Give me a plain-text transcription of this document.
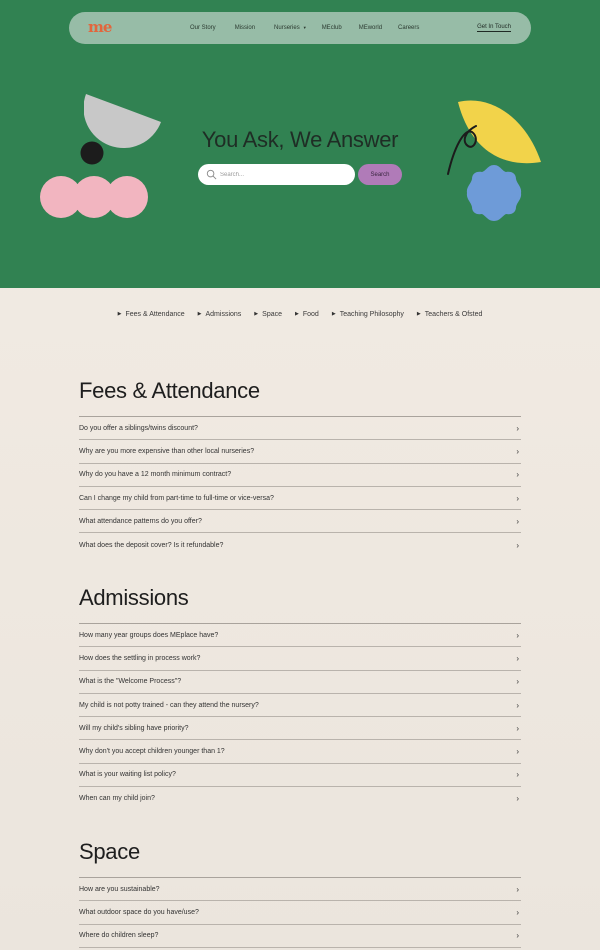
me	Our Story	Mission	Nurseries ▼	MEclub	MEworld	Careers	Get In Touch
You Ask, We Answer
Search...
Search
▶ Fees & Attendance	▶ Admissions	▶ Space	▶ Food	▶ Teaching Philosophy	▶ Teachers & Ofsted
Fees & Attendance
Do you offer a siblings/twins discount?	›
Why are you more expensive than other local nurseries?	›
Why do you have a 12 month minimum contract?	›
Can I change my child from part-time to full-time or vice-versa?	›
What attendance patterns do you offer?	›
What does the deposit cover? Is it refundable?	›
Admissions
How many year groups does MEplace have?	›
How does the settling in process work?	›
What is the "Welcome Process"?	›
My child is not potty trained - can they attend the nursery?	›
Will my child's sibling have priority?	›
Why don't you accept children younger than 1?	›
What is your waiting list policy?	›
When can my child join?	›
Space
How are you sustainable?	›
What outdoor space do you have/use?	›
Where do children sleep?	›
